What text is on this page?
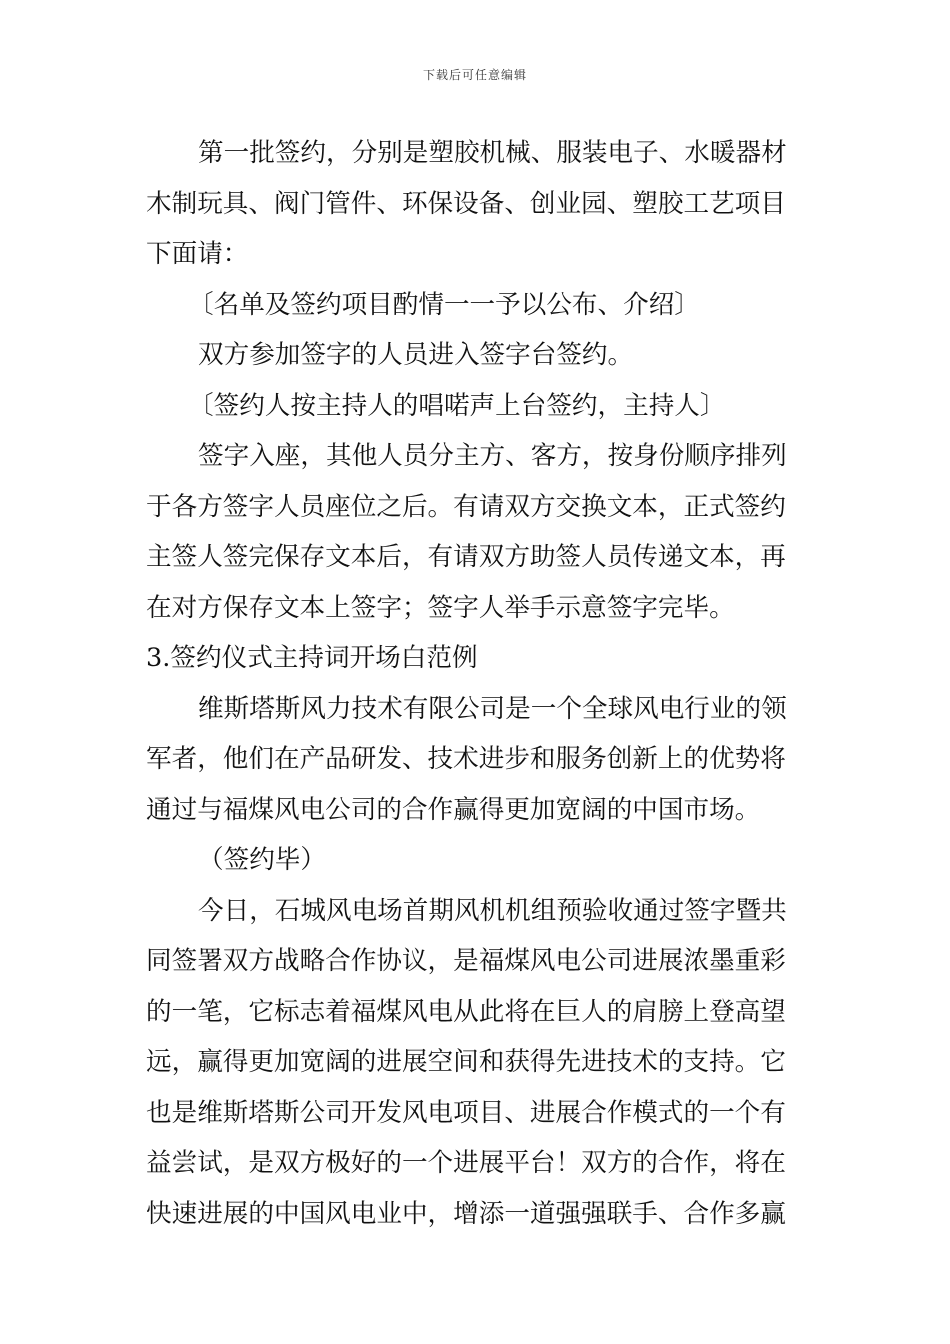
下载后可任意编辑
第一批签约，分别是塑胶机械、服装电子、水暖器材
木制玩具、阀门管件、环保设备、创业园、塑胶工艺项目
下面请：
〔名单及签约项目酌情一一予以公布、介绍〕
双方参加签字的人员进入签字台签约。
〔签约人按主持人的唱喏声上台签约，主持人〕
签字入座，其他人员分主方、客方，按身份顺序排列
于各方签字人员座位之后。有请双方交换文本，正式签约
主签人签完保存文本后，有请双方助签人员传递文本，再
在对方保存文本上签字；签字人举手示意签字完毕。
3.签约仪式主持词开场白范例
维斯塔斯风力技术有限公司是一个全球风电行业的领
军者，他们在产品研发、技术进步和服务创新上的优势将
通过与福煤风电公司的合作赢得更加宽阔的中国市场。
（签约毕）
今日，石城风电场首期风机机组预验收通过签字暨共
同签署双方战略合作协议，是福煤风电公司进展浓墨重彩
的一笔，它标志着福煤风电从此将在巨人的肩膀上登高望
远，赢得更加宽阔的进展空间和获得先进技术的支持。它
也是维斯塔斯公司开发风电项目、进展合作模式的一个有
益尝试，是双方极好的一个进展平台！双方的合作，将在
快速进展的中国风电业中，增添一道强强联手、合作多赢
